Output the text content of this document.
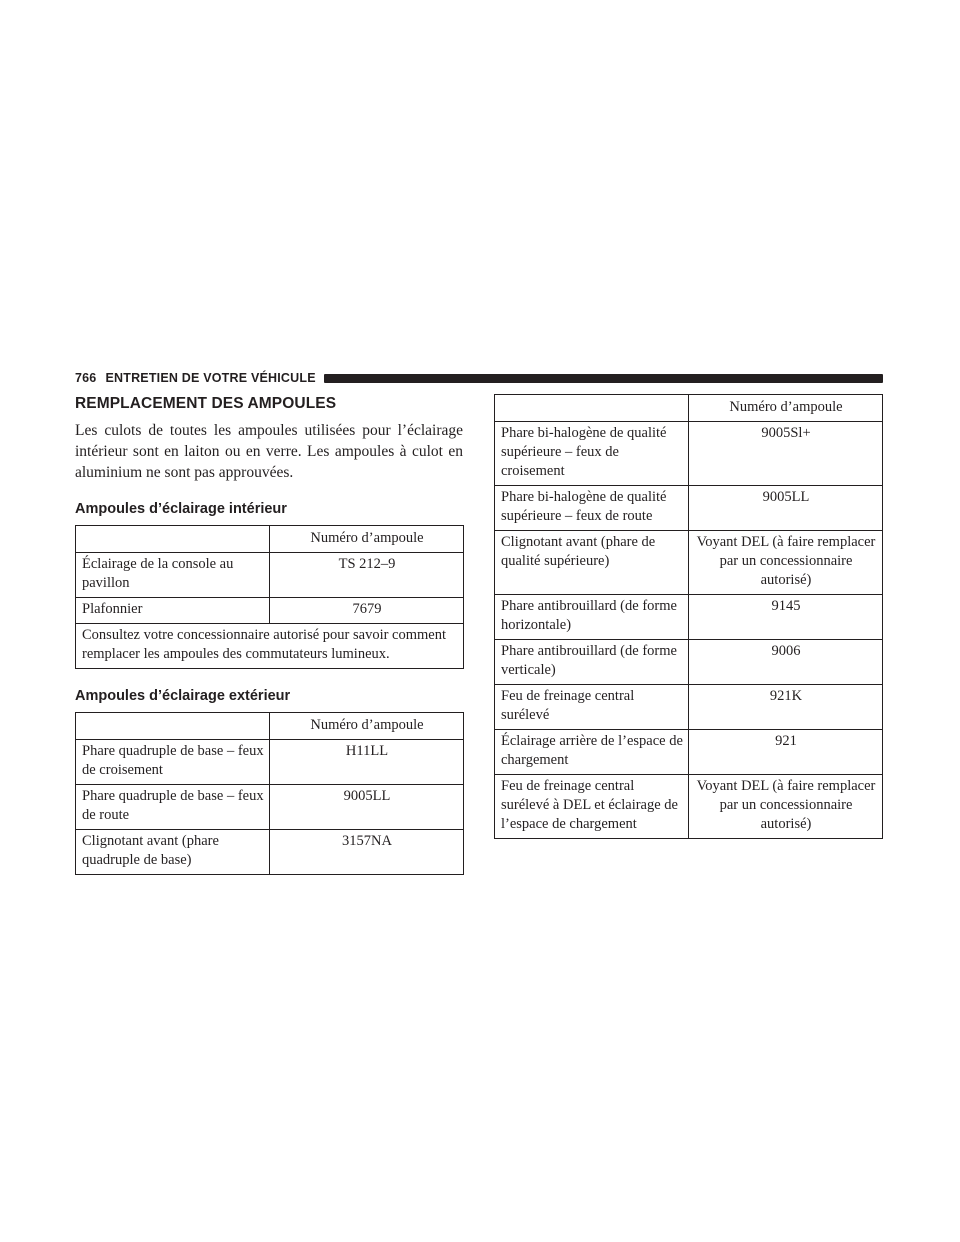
766 ENTRETIEN DE VOTRE VÉHICULE
REMPLACEMENT DES AMPOULES

Les culots de toutes les ampoules utilisées pour l’éclairage intérieur sont en laiton ou en verre. Les ampoules à culot en aluminium ne sont pas approuvées.

Ampoules d’éclairage intérieur
	Numéro d’ampoule
Éclairage de la console au pavillon	TS 212–9
Plafonnier	7679
Consultez votre concessionnaire autorisé pour savoir comment remplacer les ampoules des commutateurs lumineux.	
Ampoules d’éclairage extérieur
	Numéro d’ampoule
Phare quadruple de base – feux de croisement	H11LL
Phare quadruple de base – feux de route	9005LL
Clignotant avant (phare quadruple de base)	3157NA
	Numéro d’ampoule
Phare bi-halogène de qualité supérieure – feux de croisement	9005Sl+
Phare bi-halogène de qualité supérieure – feux de route	9005LL
Clignotant avant (phare de qualité supérieure)	Voyant DEL (à faire remplacer par un concessionnaire autorisé)
Phare antibrouillard (de forme horizontale)	9145
Phare antibrouillard (de forme verticale)	9006
Feu de freinage central surélevé	921K
Éclairage arrière de l’espace de chargement	921
Feu de freinage central surélevé à DEL et éclairage de l’espace de chargement	Voyant DEL (à faire remplacer par un concessionnaire autorisé)
